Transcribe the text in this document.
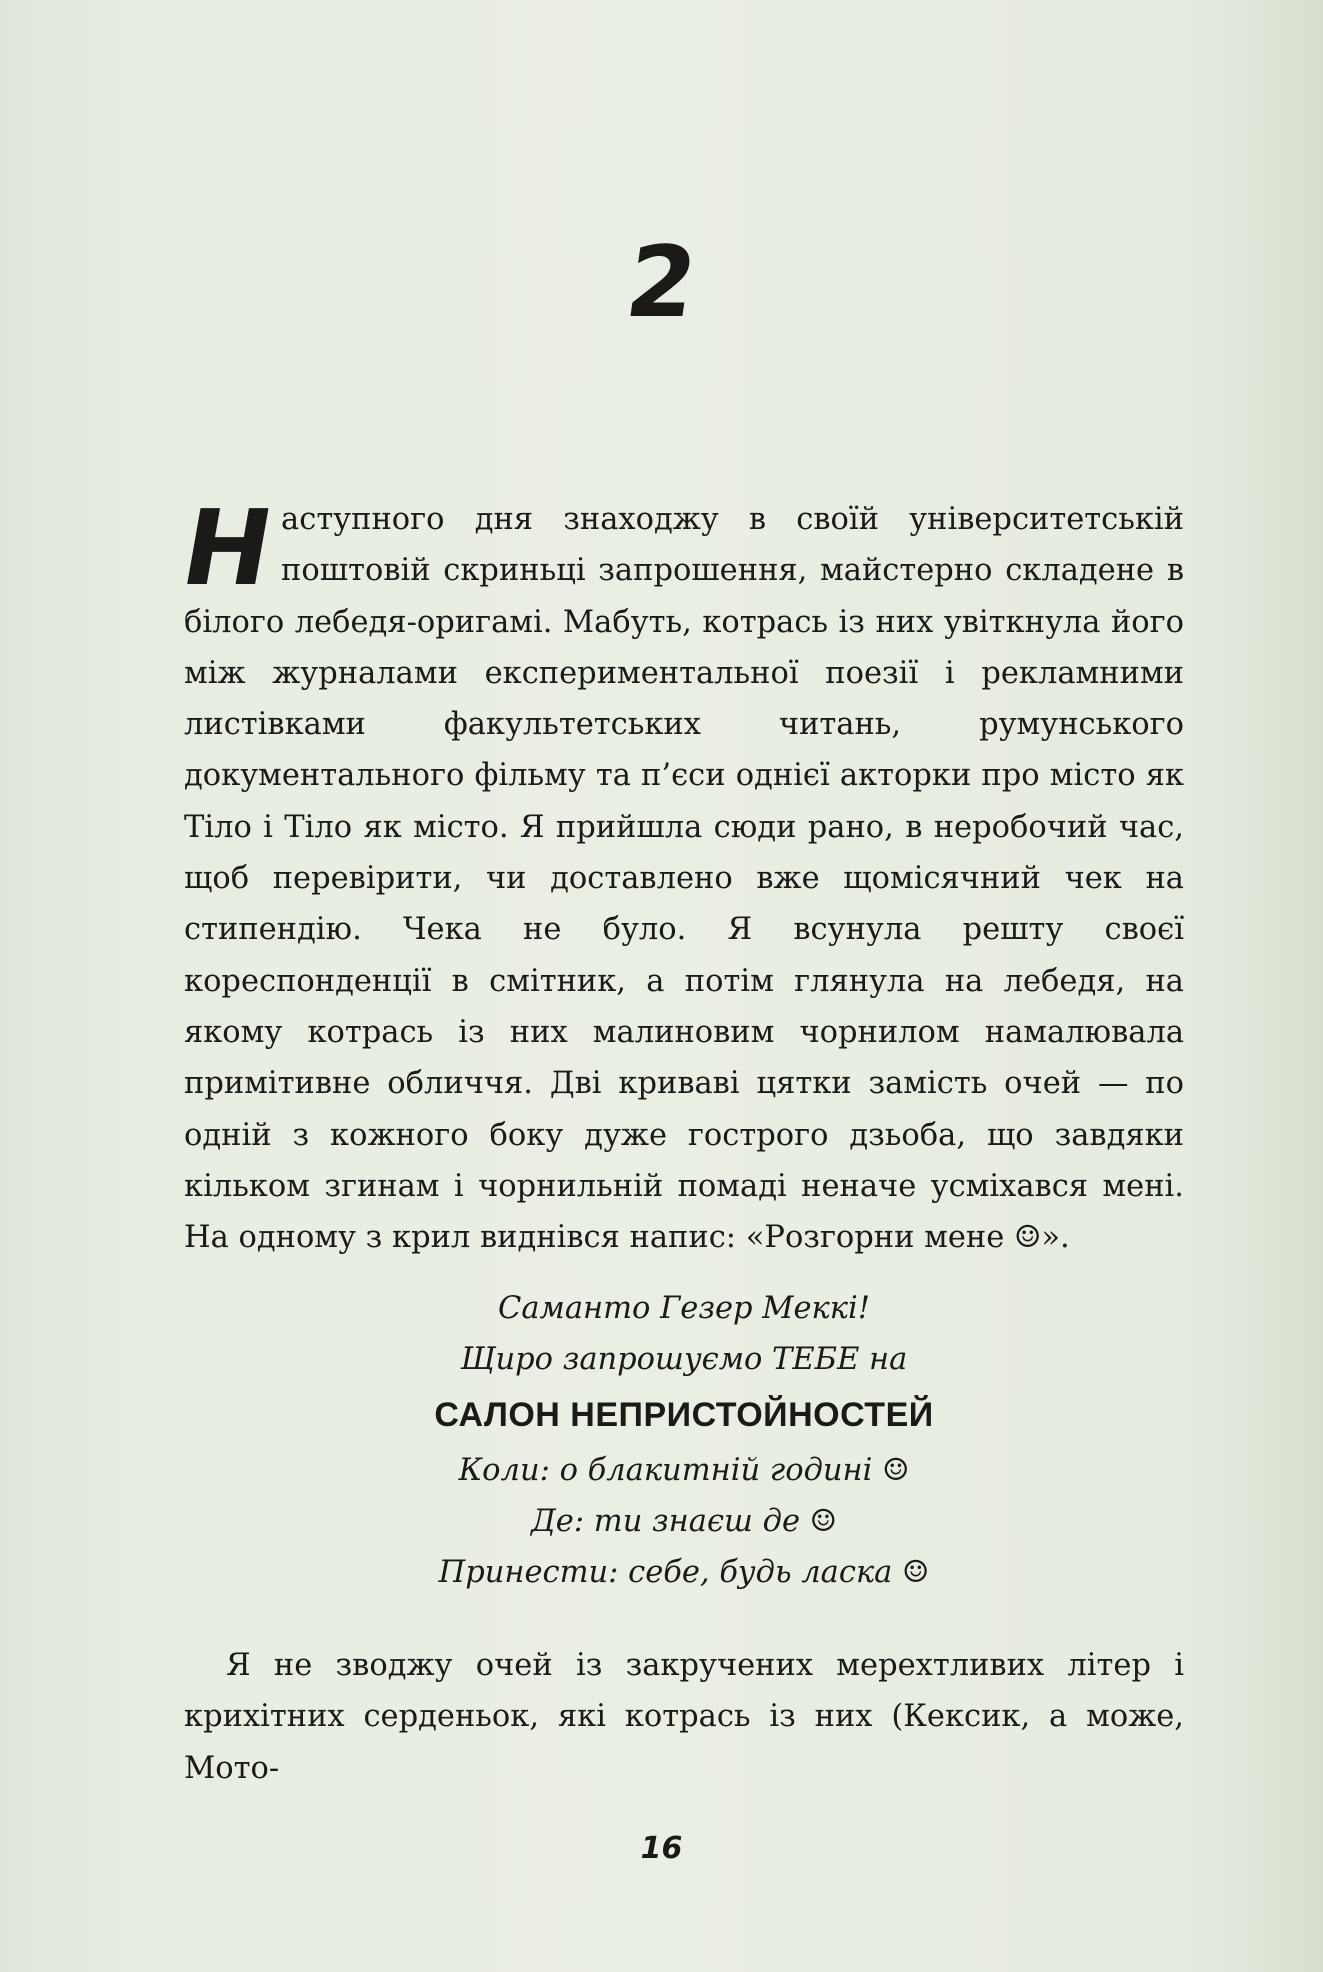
2
Наступного дня знаходжу в своїй університетській поштовій скриньці запрошення, майстерно складене в білого лебедя-оригамі. Мабуть, котрась із них увіткнула його між журналами експериментальної поезії і рекламними листівками факультетських читань, румунського документального фільму та п’єси однієї акторки про місто як Тіло і Тіло як місто. Я прийшла сюди рано, в неробочий час, щоб перевірити, чи доставлено вже щомісячний чек на стипендію. Чека не було. Я всунула решту своєї кореспонденції в смітник, а потім глянула на лебедя, на якому котрась із них малиновим чорнилом намалювала примітивне обличчя. Дві криваві цятки замість очей — по одній з кожного боку дуже гострого дзьоба, що завдяки кільком згинам і чорнильній помаді неначе усміхався мені. На одному з крил виднівся напис: «Розгорни мене ☺».
Саманто Гезер Меккі!
Щиро запрошуємо ТЕБЕ на
САЛОН НЕПРИСТОЙНОСТЕЙ
Коли: о блакитній годині ☺
Де: ти знаєш де ☺
Принести: себе, будь ласка ☺
Я не зводжу очей із закручених мерехтливих літер і крихітних серденьок, які котрась із них (Кексик, а може, Мото-
16
